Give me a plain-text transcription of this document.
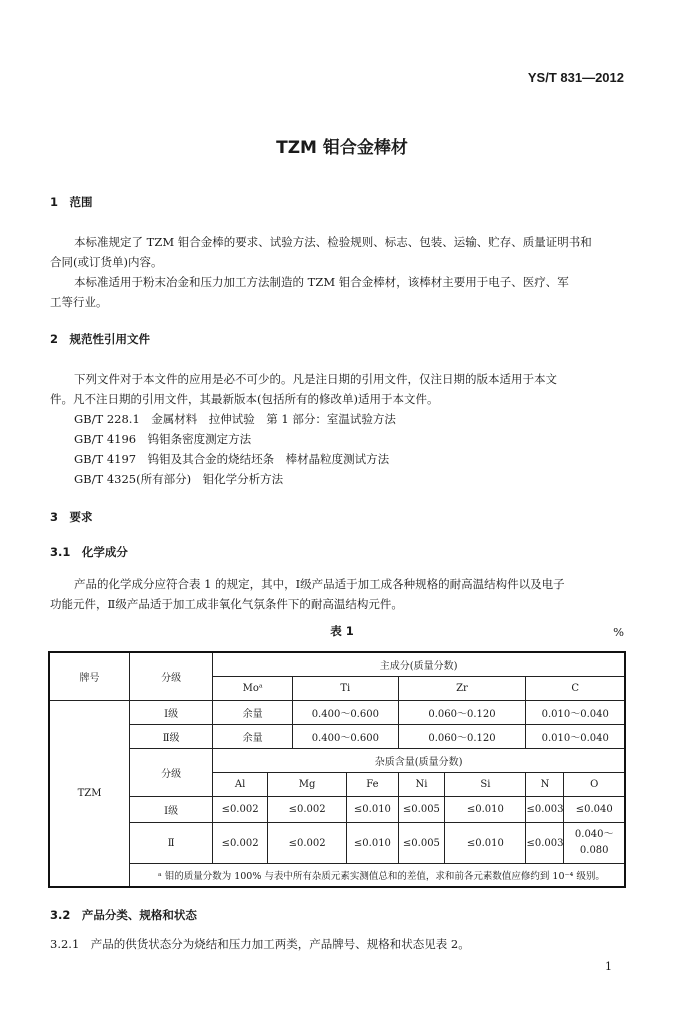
YS/T 831—2012
TZM 钼合金棒材
1　范围
本标准规定了 TZM 钼合金棒的要求、试验方法、检验规则、标志、包装、运输、贮存、质量证明书和
合同(或订货单)内容。
本标准适用于粉末冶金和压力加工方法制造的 TZM 钼合金棒材，该棒材主要用于电子、医疗、军
工等行业。
2　规范性引用文件
下列文件对于本文件的应用是必不可少的。凡是注日期的引用文件，仅注日期的版本适用于本文
件。凡不注日期的引用文件，其最新版本(包括所有的修改单)适用于本文件。
GB/T 228.1　金属材料　拉伸试验　第 1 部分：室温试验方法
GB/T 4196　钨钼条密度测定方法
GB/T 4197　钨钼及其合金的烧结坯条　棒材晶粒度测试方法
GB/T 4325(所有部分)　钼化学分析方法
3　要求
3.1　化学成分
产品的化学成分应符合表 1 的规定，其中，Ⅰ级产品适于加工成各种规格的耐高温结构件以及电子
功能元件，Ⅱ级产品适于加工成非氧化气氛条件下的耐高温结构元件。
表 1	%
牌号	分级	主成分(质量分数)							
		Moᵃ		Ti		Zr		C	
TZM	Ⅰ级	余量		0.400～0.600		0.060～0.120		0.010～0.040	
	Ⅱ级	余量		0.400～0.600		0.060～0.120		0.010～0.040	
	分级	杂质含量(质量分数)							
		Al	Mg		Fe	Ni	Si	N	O
	Ⅰ级	≤0.002	≤0.002		≤0.010	≤0.005	≤0.010	≤0.003	≤0.040
	Ⅱ	≤0.002	≤0.002		≤0.010	≤0.005	≤0.010	≤0.003	0.040～
0.080

	ᵃ 钼的质量分数为 100% 与表中所有杂质元素实测值总和的差值，求和前各元素数值应修约到 10⁻⁴ 级别。								
3.2　产品分类、规格和状态
3.2.1　产品的供货状态分为烧结和压力加工两类，产品牌号、规格和状态见表 2。
1
